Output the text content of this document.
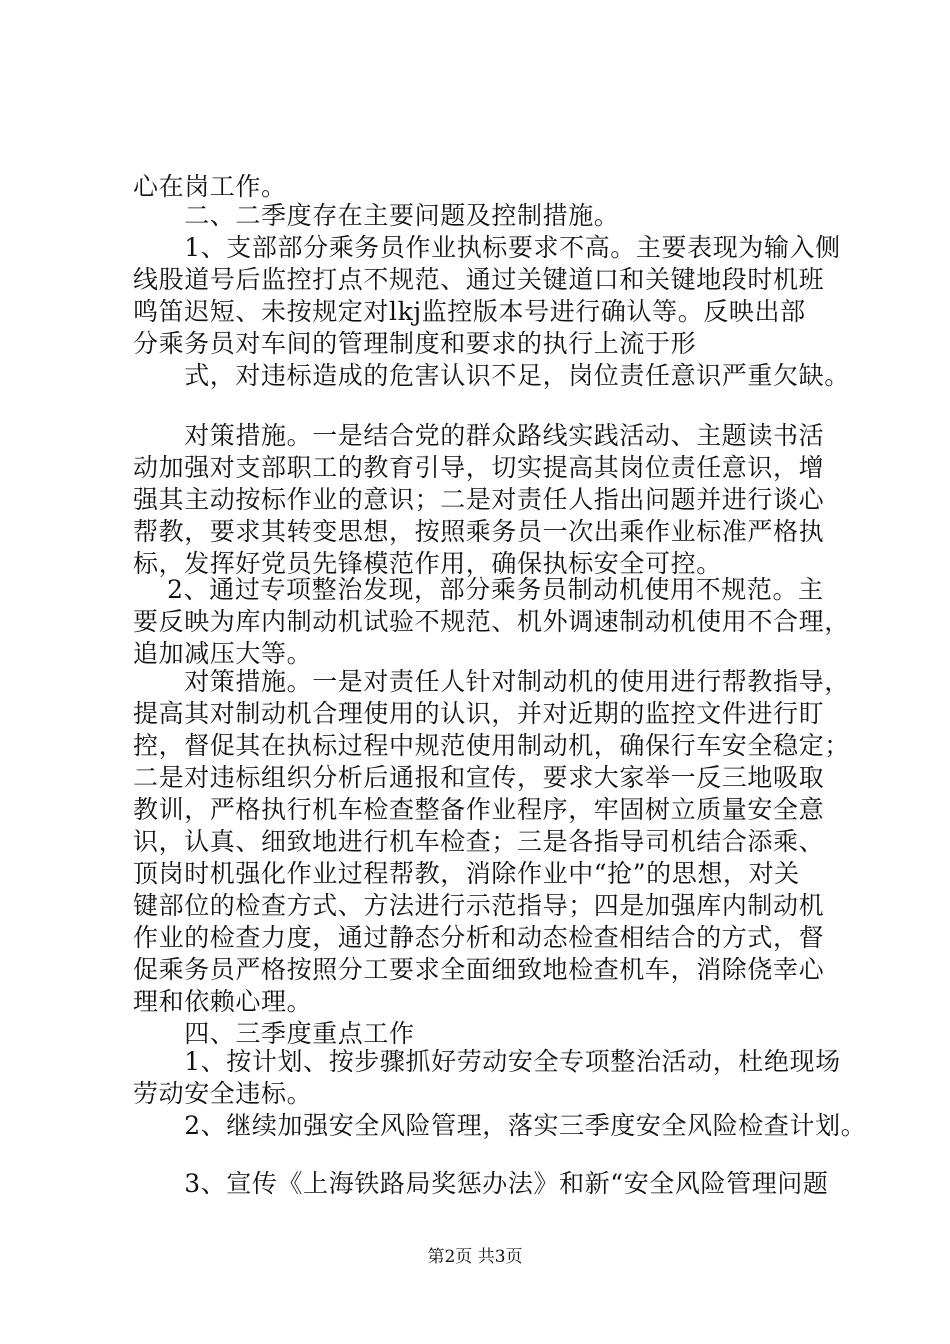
心在岗工作。
　　二、二季度存在主要问题及控制措施。
　　1、支部部分乘务员作业执标要求不高。主要表现为输入侧
线股道号后监控打点不规范、通过关键道口和关键地段时机班
鸣笛迟短、未按规定对lkj监控版本号进行确认等。反映出部
分乘务员对车间的管理制度和要求的执行上流于形
　　式，对违标造成的危害认识不足，岗位责任意识严重欠缺。
　　对策措施。一是结合党的群众路线实践活动、主题读书活
动加强对支部职工的教育引导，切实提高其岗位责任意识，增
强其主动按标作业的意识；二是对责任人指出问题并进行谈心
帮教，要求其转变思想，按照乘务员一次出乘作业标准严格执
标，发挥好党员先锋模范作用，确保执标安全可控。
　 2、通过专项整治发现，部分乘务员制动机使用不规范。主
要反映为库内制动机试验不规范、机外调速制动机使用不合理，
追加减压大等。
　　对策措施。一是对责任人针对制动机的使用进行帮教指导，
提高其对制动机合理使用的认识，并对近期的监控文件进行盯
控，督促其在执标过程中规范使用制动机，确保行车安全稳定；
二是对违标组织分析后通报和宣传，要求大家举一反三地吸取
教训，严格执行机车检查整备作业程序，牢固树立质量安全意
识，认真、细致地进行机车检查；三是各指导司机结合添乘、
顶岗时机强化作业过程帮教，消除作业中“抢”的思想，对关
键部位的检查方式、方法进行示范指导；四是加强库内制动机
作业的检查力度，通过静态分析和动态检查相结合的方式，督
促乘务员严格按照分工要求全面细致地检查机车，消除侥幸心
理和依赖心理。
　　四、三季度重点工作
　　1、按计划、按步骤抓好劳动安全专项整治活动，杜绝现场
劳动安全违标。
　　2、继续加强安全风险管理，落实三季度安全风险检查计划。
　　3、宣传《上海铁路局奖惩办法》和新“安全风险管理问题
第2页 共3页
